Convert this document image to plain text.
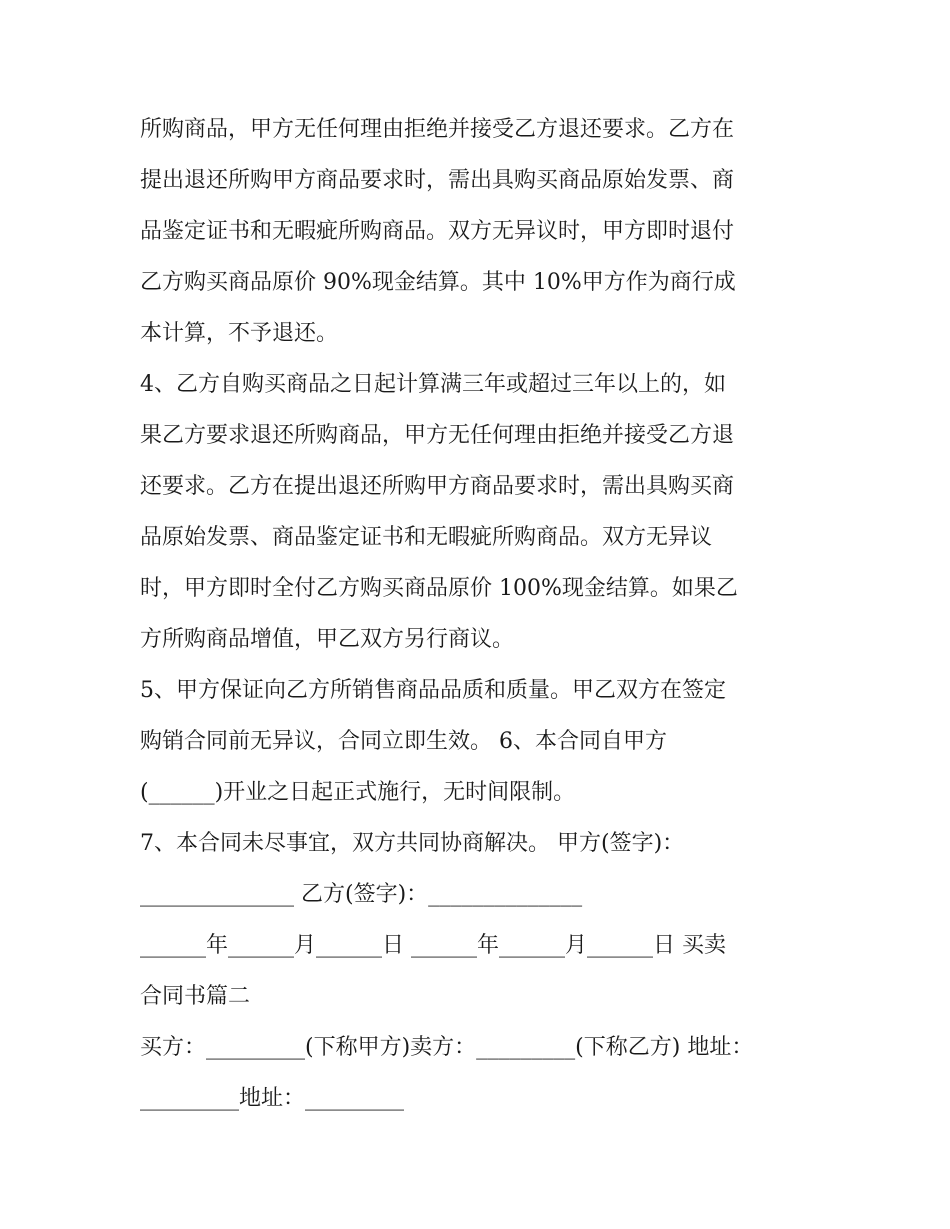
所购商品，甲方无任何理由拒绝并接受乙方退还要求。乙方在
提出退还所购甲方商品要求时，需出具购买商品原始发票、商
品鉴定证书和无暇疵所购商品。双方无异议时，甲方即时退付
乙方购买商品原价 90%现金结算。其中 10%甲方作为商行成
本计算，不予退还。
4、乙方自购买商品之日起计算满三年或超过三年以上的，如
果乙方要求退还所购商品，甲方无任何理由拒绝并接受乙方退
还要求。乙方在提出退还所购甲方商品要求时，需出具购买商
品原始发票、商品鉴定证书和无暇疵所购商品。双方无异议
时，甲方即时全付乙方购买商品原价 100%现金结算。如果乙
方所购商品增值，甲乙双方另行商议。
5、甲方保证向乙方所销售商品品质和质量。甲乙双方在签定
购销合同前无异议，合同立即生效。 6、本合同自甲方
(______)开业之日起正式施行，无时间限制。
7、本合同未尽事宜，双方共同协商解决。 甲方(签字)：
______________ 乙方(签字)：______________
______年______月______日 ______年______月______日 买卖
合同书篇二
买方：_________(下称甲方)卖方：_________(下称乙方) 地址：
_________地址：_________
